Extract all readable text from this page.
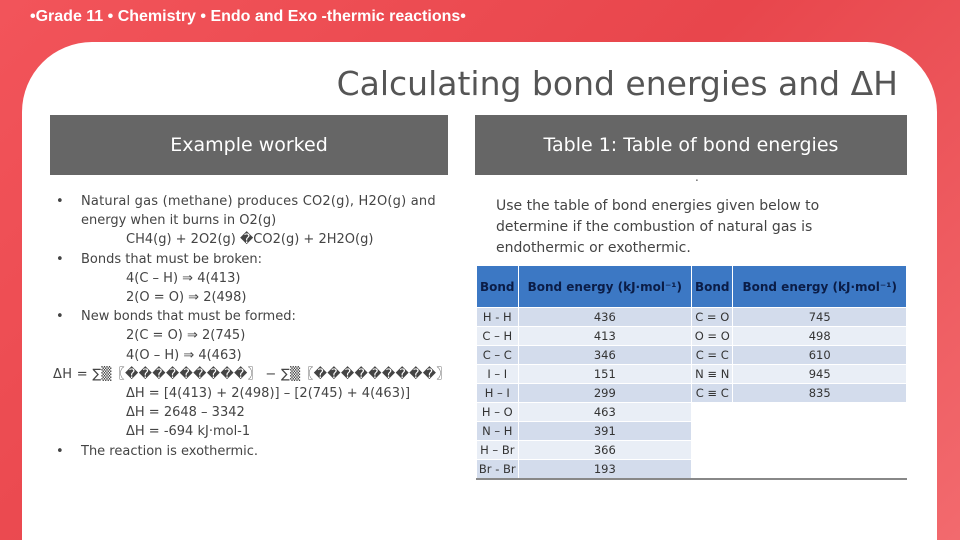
•Grade 11 • Chemistry • Endo and Exo -thermic reactions•
Calculating bond energies and ΔH
Example worked	Table 1: Table of bond energies
.
•	Natural gas (methane) produces CO2(g), H2O(g) and
energy when it burns in O2(g)
CH4(g) + 2O2(g) �CO2(g) + 2H2O(g)
•	Bonds that must be broken:
4(C – H) ⇒ 4(413)
2(O = O) ⇒ 2(498)
•	New bonds that must be formed:
2(C = O) ⇒ 2(745)
4(O – H) ⇒ 4(463)
ΔH = ∑▒〖���������〗 − ∑▒〖���������〗
ΔH = [4(413) + 2(498)] – [2(745) + 4(463)]
ΔH = 2648 – 3342
ΔH = -694 kJ·mol-1
•	The reaction is exothermic.
Use the table of bond energies given below to determine if the combustion of natural gas is endothermic or exothermic.
Bond	Bond energy (kJ·mol⁻¹)	Bond	Bond energy (kJ·mol⁻¹)
H - H	436	C = O	745
C – H	413	O = O	498
C – C	346	C = C	610
I – I	151	N ≡ N	945
H – I	299	C ≡ C	835
H – O	463		
N – H	391		
H – Br	366		
Br - Br	193		
